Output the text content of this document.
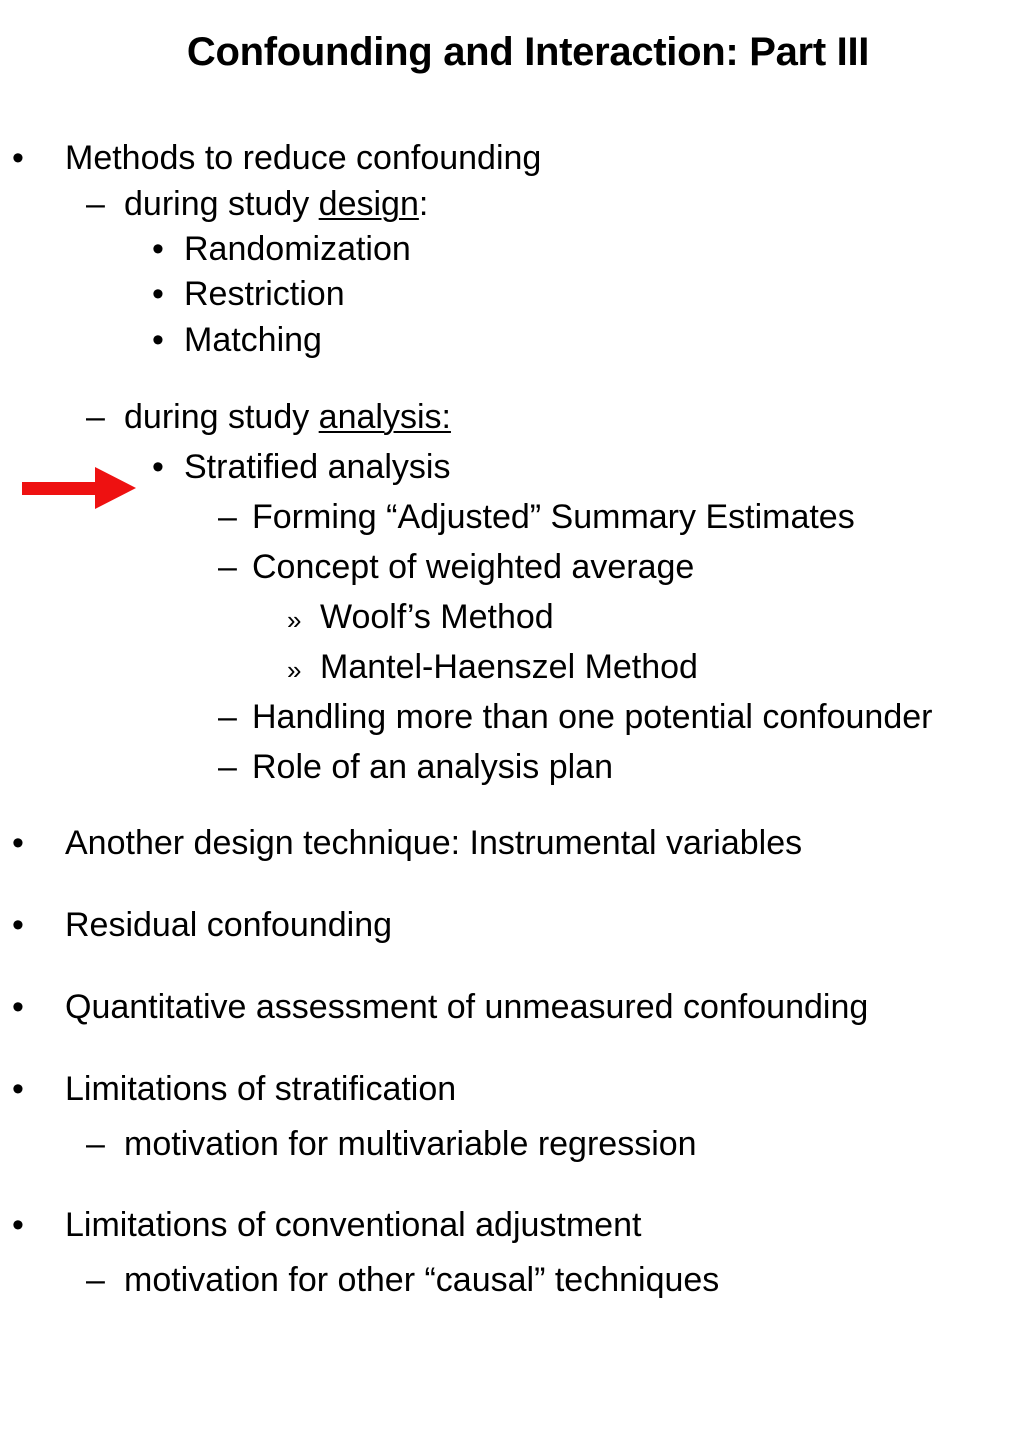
Confounding and Interaction: Part III
• Methods to reduce confounding
– during study design:
• Randomization
• Restriction
• Matching
– during study analysis:
• Stratified analysis
– Forming “Adjusted” Summary Estimates
– Concept of weighted average
» Woolf’s Method
» Mantel-Haenszel Method
– Handling more than one potential confounder
– Role of an analysis plan
• Another design technique: Instrumental variables
• Residual confounding
• Quantitative assessment of unmeasured confounding
• Limitations of stratification
– motivation for multivariable regression
• Limitations of conventional adjustment
– motivation for other “causal” techniques
